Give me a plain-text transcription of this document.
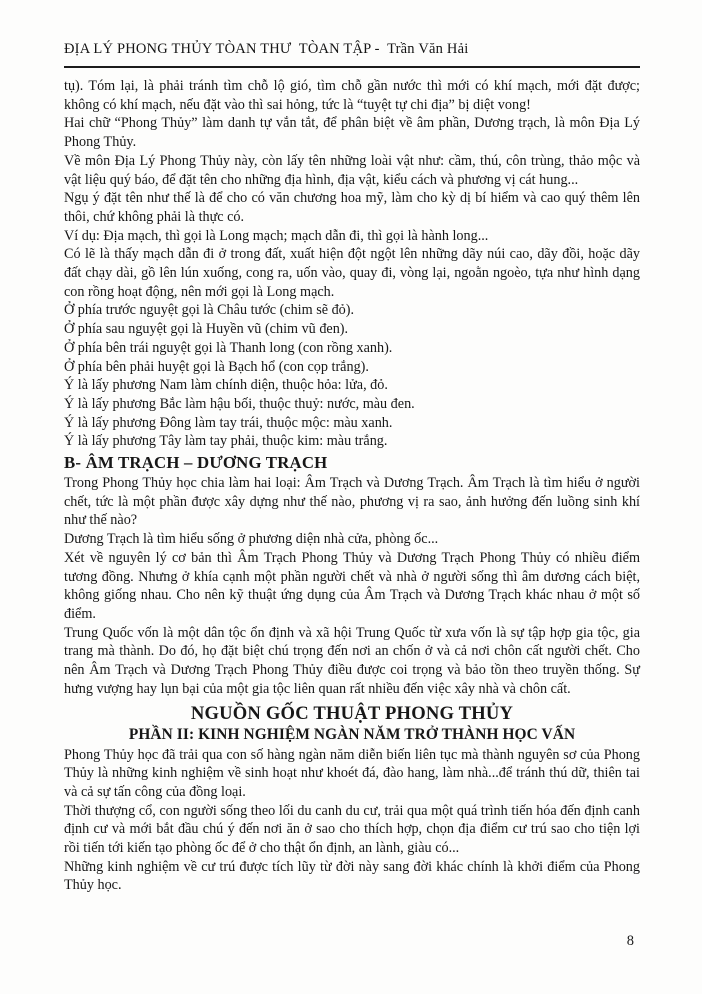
ĐỊA LÝ PHONG THỦY TÒAN THƯ  TÒAN TẬP -  Trần Văn Hải

tụ). Tóm lại, là phải tránh tìm chỗ lộ gió, tìm chỗ gần nước thì mới có khí mạch, mới đặt được; không có khí mạch, nếu đặt vào thì sai hỏng, tức là “tuyệt tự chi địa” bị diệt vong!

Hai chữ “Phong Thủy” làm danh tự vắn tắt, để phân biệt về âm phần, Dương trạch, là môn Địa Lý Phong Thủy.

Về môn Địa Lý Phong Thủy này, còn lấy tên những loài vật như: cầm, thú, côn trùng, thảo mộc và vật liệu quý báo, để đặt tên cho những địa hình, địa vật, kiểu cách và phương vị cát hung...

Ngụ ý đặt tên như thế là để cho có văn chương hoa mỹ, làm cho kỳ dị bí hiểm và cao quý thêm lên thôi, chứ không phải là thực có.

Ví dụ: Địa mạch, thì gọi là Long mạch; mạch dẫn đi, thì gọi là hành long...

Có lẽ là thấy mạch dẫn đi ở trong đất, xuất hiện đột ngột lên những dãy núi cao, dãy đồi, hoặc dãy đất chạy dài, gồ lên lún xuống, cong ra, uốn vào, quay đi, vòng lại, ngoằn ngoèo, tựa như hình dạng con rồng hoạt động, nên mới gọi là Long mạch.

Ở phía trước nguyệt gọi là Châu tước (chim sẽ đỏ).

Ở phía sau nguyệt gọi là Huyền vũ (chim vũ đen).

Ở phía bên trái nguyệt gọi là Thanh long (con rồng xanh).

Ở phía bên phải huyệt gọi là Bạch hổ (con cọp trắng).

Ý là lấy phương Nam làm chính diện, thuộc hỏa: lửa, đỏ.

Ý là lấy phương Bắc làm hậu bối, thuộc thuỷ: nước, màu đen.

Ý là lấy phương Đông làm tay trái, thuộc mộc: màu xanh.

Ý là lấy phương Tây làm tay phải, thuộc kim: màu trắng.

B- ÂM TRẠCH – DƯƠNG TRẠCH

Trong Phong Thủy học chia làm hai loại: Âm Trạch và Dương Trạch. Âm Trạch là tìm hiểu ở người chết, tức là một phần được xây dựng như thế nào, phương vị ra sao, ảnh hưởng đến luồng sinh khí như thế nào?

Dương Trạch là tìm hiểu sống ở phương diện nhà cửa, phòng ốc...

Xét về nguyên lý cơ bản thì Âm Trạch Phong Thủy và Dương Trạch Phong Thủy có nhiều điểm tương đồng. Nhưng ở khía cạnh một phần người chết và nhà ở người sống thì âm dương cách biệt, không giống nhau. Cho nên kỹ thuật ứng dụng của Âm Trạch và Dương Trạch khác nhau ở một số điểm.

Trung Quốc vốn là một dân tộc ổn định và xã hội Trung Quốc từ xưa vốn là sự tập hợp gia tộc, gia trang mà thành. Do đó, họ đặt biệt chú trọng đến nơi an chốn ở và cả nơi chôn cất người chết. Cho nên Âm Trạch và Dương Trạch Phong Thủy điều được coi trọng và bảo tồn theo truyền thống. Sự hưng vượng hay lụn bại của một gia tộc liên quan rất nhiều đến việc xây nhà và chôn cất.

NGUỒN GỐC THUẬT PHONG THỦY
PHẦN II: KINH NGHIỆM NGÀN NĂM TRỞ THÀNH HỌC VẤN

Phong Thủy học đã trải qua con số hàng ngàn năm diễn biến liên tục mà thành nguyên sơ của Phong Thủy là những kinh nghiệm về sinh hoạt như khoét đá, đào hang, làm nhà...để tránh thú dữ, thiên tai và cả sự tấn công của đồng loại.

Thời thượng cổ, con người sống theo lối du canh du cư, trải qua một quá trình tiến hóa đến định canh định cư và mới bắt đầu chú ý đến nơi ăn ở sao cho thích hợp, chọn địa điểm cư trú sao cho tiện lợi rồi tiến tới kiến tạo phòng ốc để ở cho thật ổn định, an lành, giàu có...

Những kinh nghiệm về cư trú được tích lũy từ đời này sang đời khác chính là khởi điểm của Phong Thủy học.

8
